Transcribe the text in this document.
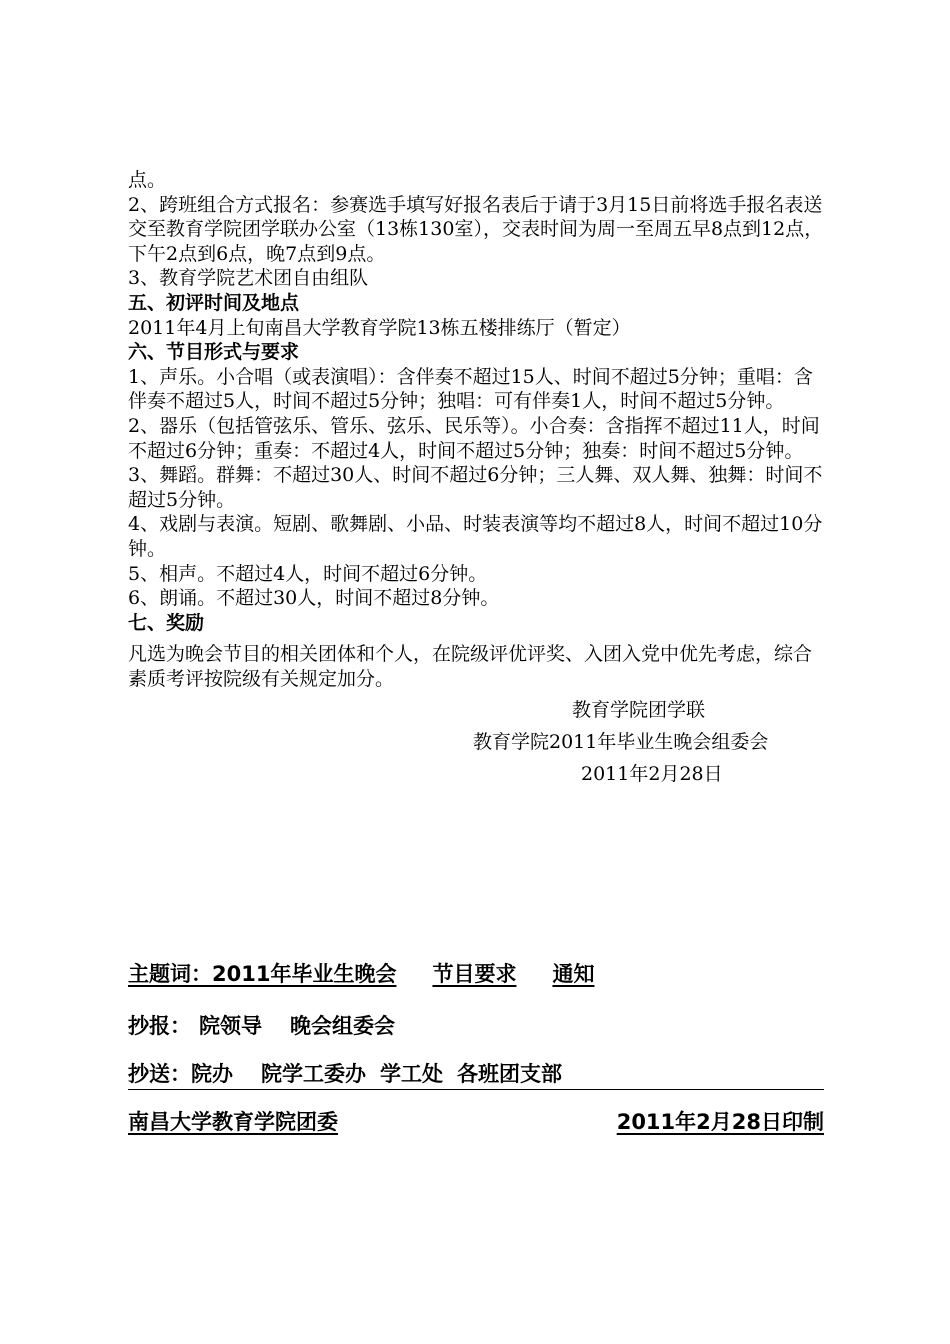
点。

2、跨班组合方式报名：参赛选手填写好报名表后于请于3月15日前将选手报名表送交至教育学院团学联办公室（13栋130室），交表时间为周一至周五早8点到12点，下午2点到6点，晚7点到9点。

3、教育学院艺术团自由组队

五、初评时间及地点

2011年4月上旬南昌大学教育学院13栋五楼排练厅（暂定）

六、节目形式与要求

1、声乐。小合唱（或表演唱）：含伴奏不超过15人、时间不超过5分钟；重唱：含伴奏不超过5人，时间不超过5分钟；独唱：可有伴奏1人，时间不超过5分钟。

2、器乐（包括管弦乐、管乐、弦乐、民乐等）。小合奏：含指挥不超过11人，时间不超过6分钟；重奏：不超过4人，时间不超过5分钟；独奏：时间不超过5分钟。

3、舞蹈。群舞：不超过30人、时间不超过6分钟；三人舞、双人舞、独舞：时间不超过5分钟。

4、戏剧与表演。短剧、歌舞剧、小品、时装表演等均不超过8人，时间不超过10分钟。

5、相声。不超过4人，时间不超过6分钟。

6、朗诵。不超过30人，时间不超过8分钟。

七、奖励

凡选为晚会节目的相关团体和个人，在院级评优评奖、入团入党中优先考虑，综合素质考评按院级有关规定加分。

教育学院团学联

教育学院2011年毕业生晚会组委会

2011年2月28日

主题词：2011年毕业生晚会 节目要求 通知
抄报： 院领导 晚会组委会
抄送：院办 院学工委办 学工处 各班团支部
南昌大学教育学院团委	2011年2月28日印制
